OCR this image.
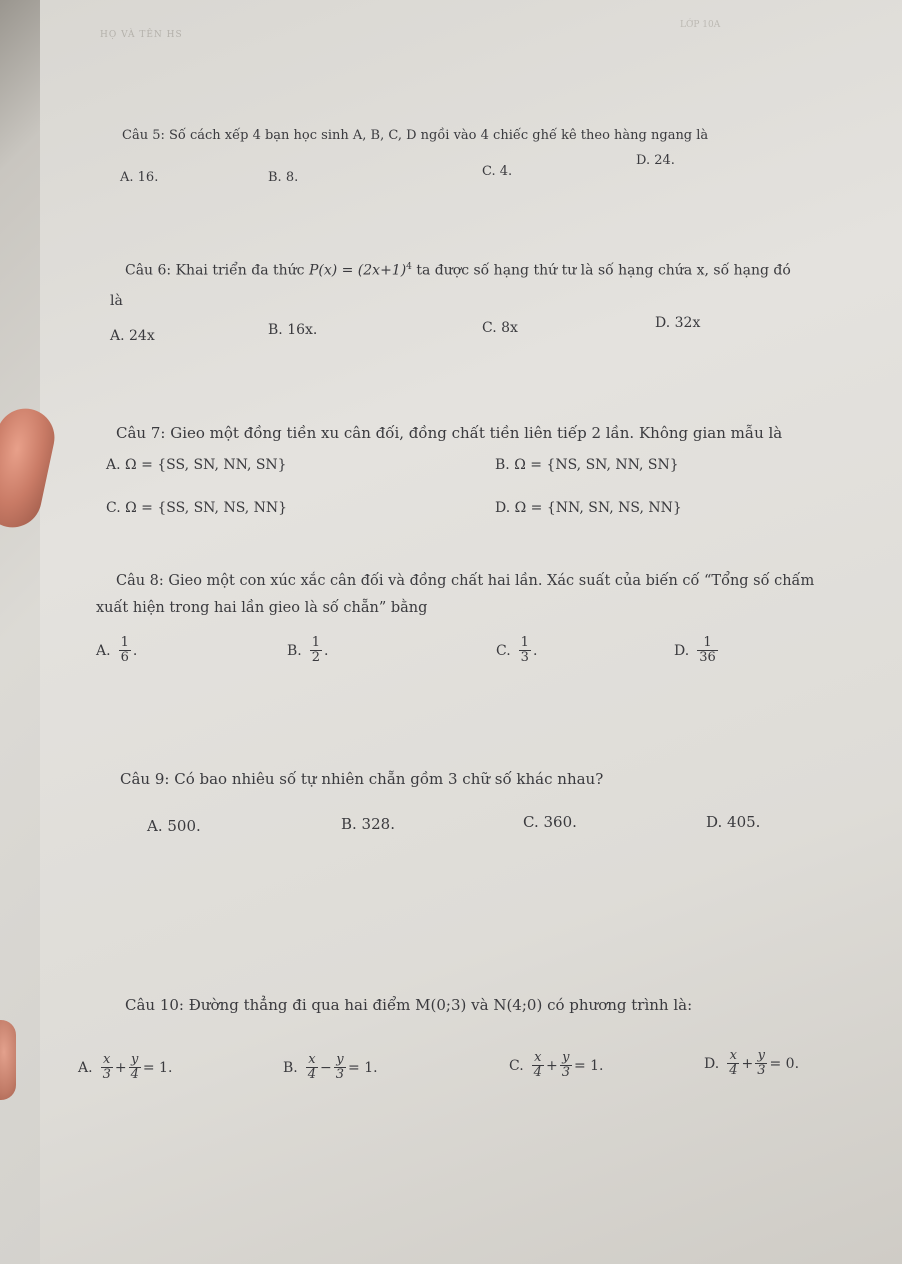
HỌ VÀ TÊN HS
LỚP 10A
Câu 5: Số cách xếp 4 bạn học sinh A, B, C, D ngồi vào 4 chiếc ghế kê theo hàng ngang là
A. 16.	B. 8.	C. 4.
D. 24.
Câu 6: Khai triển đa thức $P(x) = (2x+1)^4$ ta được số hạng thứ tư là số hạng chứa x, số hạng đó
là
A. 24x	B. 16x.	C. 8x	D. 32x
Câu 7: Gieo một đồng tiền xu cân đối, đồng chất tiền liên tiếp 2 lần. Không gian mẫu là
A. Ω = {SS, SN, NN, SN}	B. Ω = {NS, SN, NN, SN}
C. Ω = {SS, SN, NS, NN}	D. Ω = {NN, SN, NS, NN}
Câu 8: Gieo một con xúc xắc cân đối và đồng chất hai lần. Xác suất của biến cố “Tổng số chấm
xuất hiện trong hai lần gieo là số chẵn” bằng
A. $\frac{1}{6}$ .	B. $\frac{1}{2}$ .	C. $\frac{1}{3}$ .	D. $\frac{1}{36}$
Câu 9: Có bao nhiêu số tự nhiên chẵn gồm 3 chữ số khác nhau?
A. 500.	B. 328.	C. 360.	D. 405.
Câu 10: Đường thẳng đi qua hai điểm M(0;3) và N(4;0) có phương trình là:
A. $\frac{x}{3} + \frac{y}{4} = 1$.	B. $\frac{x}{4} - \frac{y}{3} = 1$.	C. $\frac{x}{4} + \frac{y}{3} = 1$.	D. $\frac{x}{4} + \frac{y}{3} = 0$.
